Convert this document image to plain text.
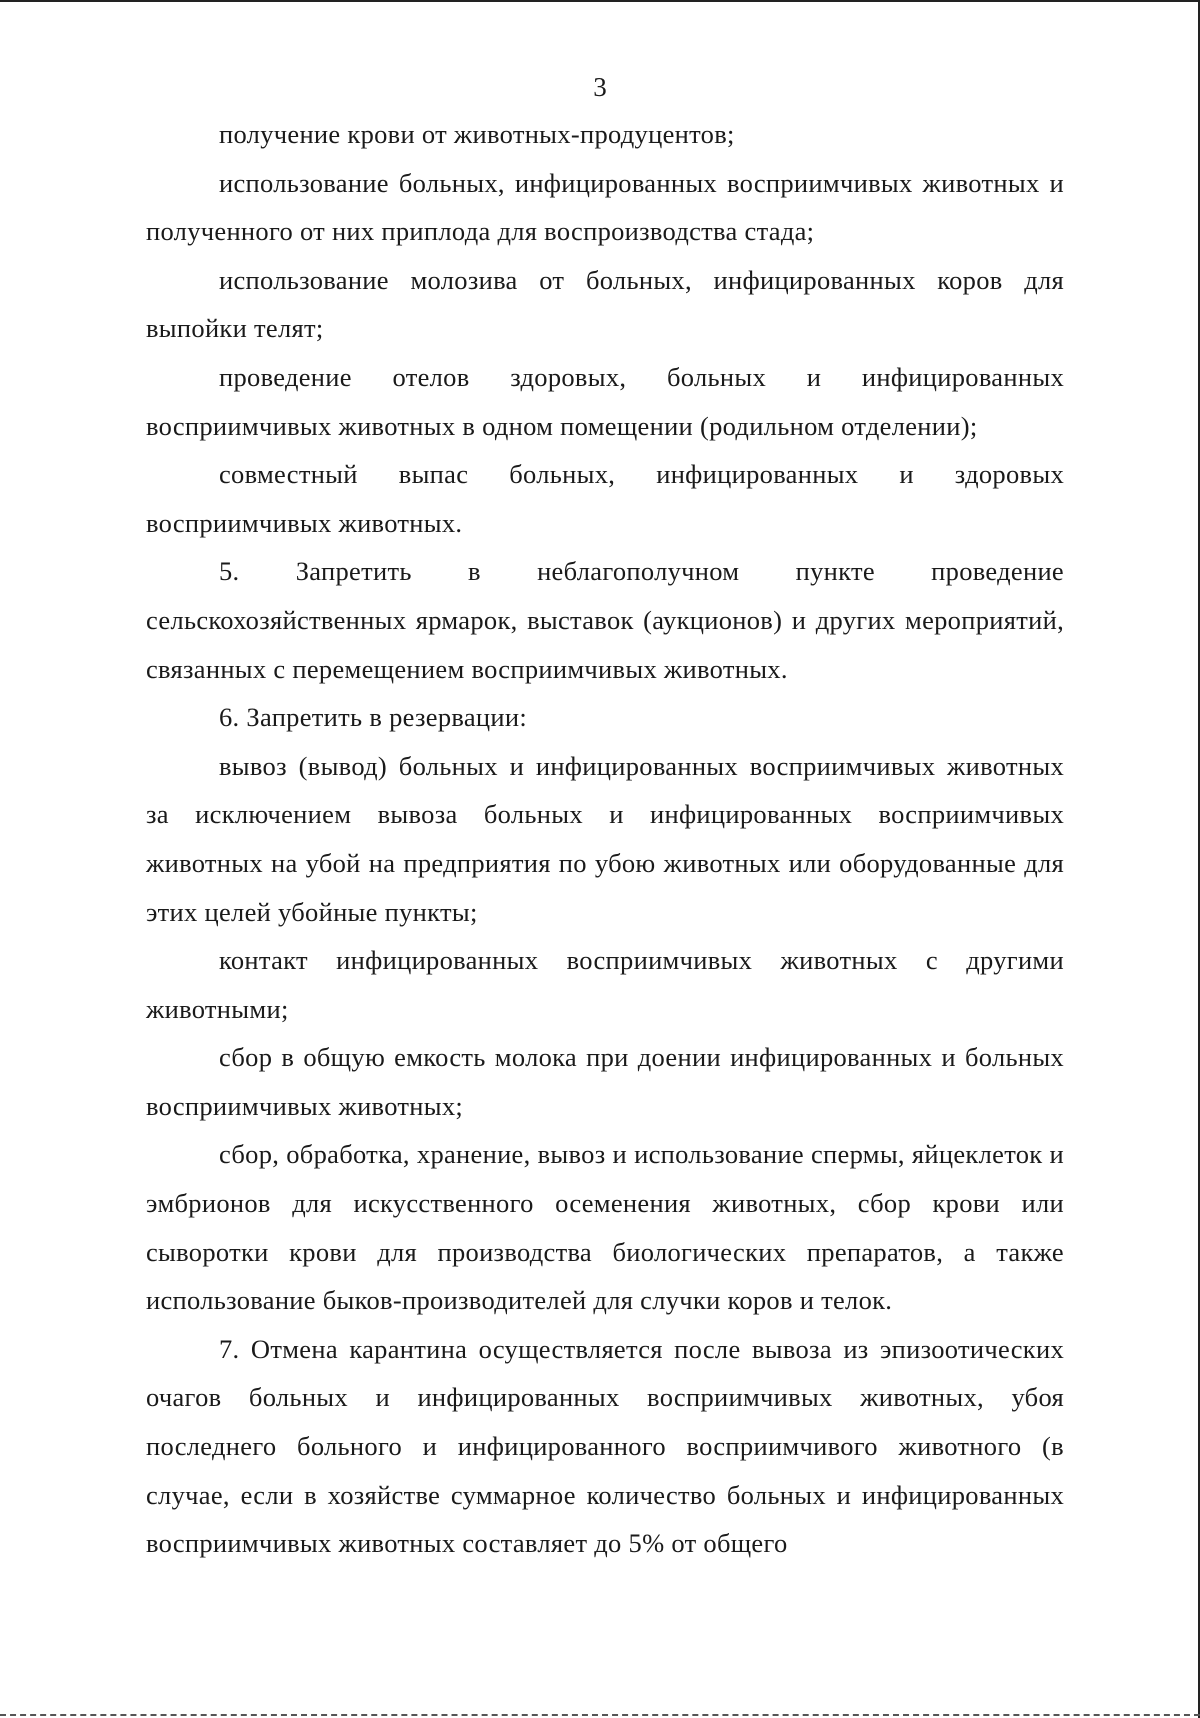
3

получение крови от животных-продуцентов;

использование больных, инфицированных восприимчивых животных и полученного от них приплода для воспроизводства стада;

использование молозива от больных, инфицированных коров для выпойки телят;

проведение отелов здоровых, больных и инфицированных восприимчивых животных в одном помещении (родильном отделении);

совместный выпас больных, инфицированных и здоровых восприимчивых животных.

5. Запретить в неблагополучном пункте проведение сельскохозяйственных ярмарок, выставок (аукционов) и других мероприятий, связанных с перемещением восприимчивых животных.

6. Запретить в резервации:

вывоз (вывод) больных и инфицированных восприимчивых животных за исключением вывоза больных и инфицированных восприимчивых животных на убой на предприятия по убою животных или оборудованные для этих целей убойные пункты;

контакт инфицированных восприимчивых животных с другими животными;

сбор в общую емкость молока при доении инфицированных и больных восприимчивых животных;

сбор, обработка, хранение, вывоз и использование спермы, яйцеклеток и эмбрионов для искусственного осеменения животных, сбор крови или сыворотки крови для производства биологических препаратов, а также использование быков-производителей для случки коров и телок.

7. Отмена карантина осуществляется после вывоза из эпизоотических очагов больных и инфицированных восприимчивых животных, убоя последнего больного и инфицированного восприимчивого животного (в случае, если в хозяйстве суммарное количество больных и инфицированных восприимчивых животных составляет до 5% от общего
